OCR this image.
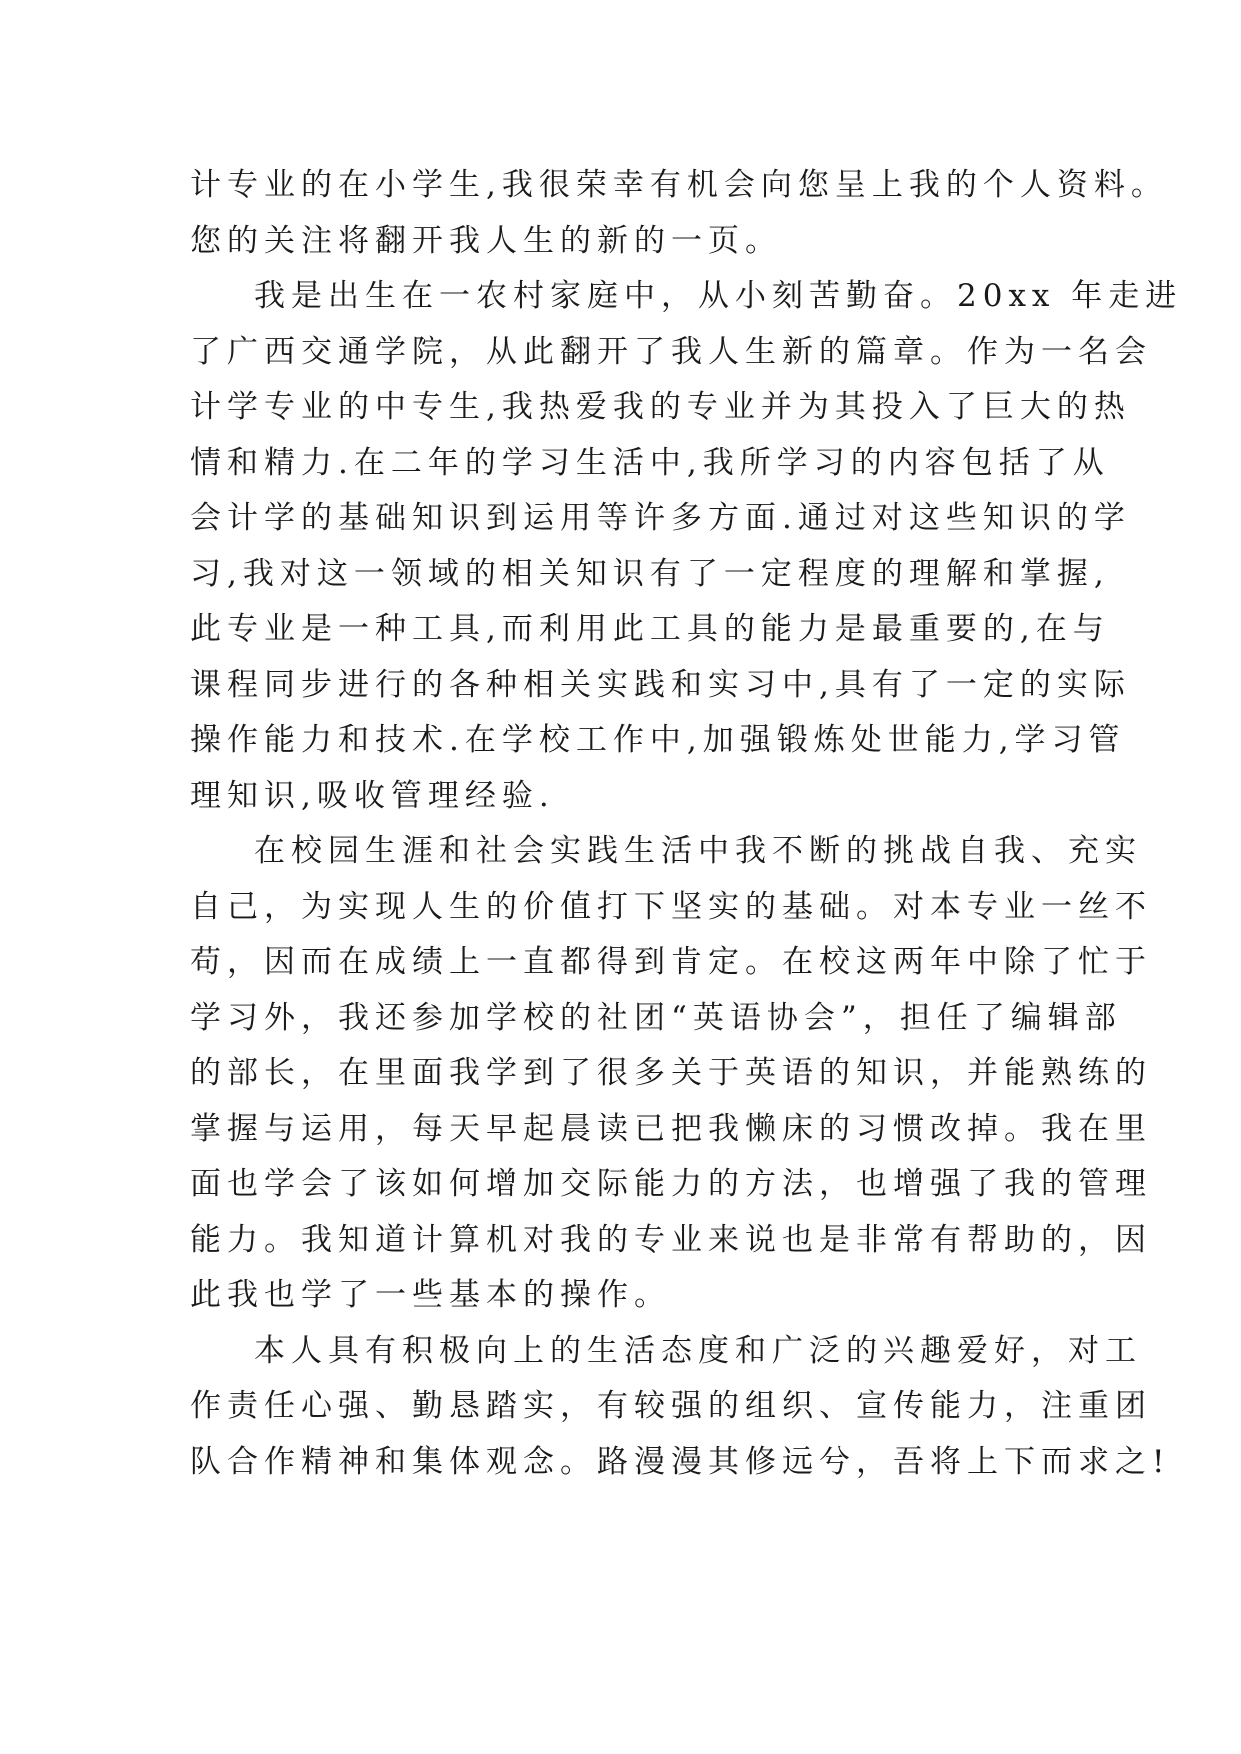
计专业的在小学生,我很荣幸有机会向您呈上我的个人资料。
您的关注将翻开我人生的新的一页。
我是出生在一农村家庭中，从小刻苦勤奋。20xx 年走进
了广西交通学院，从此翻开了我人生新的篇章。作为一名会
计学专业的中专生,我热爱我的专业并为其投入了巨大的热
情和精力.在二年的学习生活中,我所学习的内容包括了从
会计学的基础知识到运用等许多方面.通过对这些知识的学
习,我对这一领域的相关知识有了一定程度的理解和掌握,
此专业是一种工具,而利用此工具的能力是最重要的,在与
课程同步进行的各种相关实践和实习中,具有了一定的实际
操作能力和技术.在学校工作中,加强锻炼处世能力,学习管
理知识,吸收管理经验.
在校园生涯和社会实践生活中我不断的挑战自我、充实
自己，为实现人生的价值打下坚实的基础。对本专业一丝不
苟，因而在成绩上一直都得到肯定。在校这两年中除了忙于
学习外，我还参加学校的社团“英语协会”，担任了编辑部
的部长，在里面我学到了很多关于英语的知识，并能熟练的
掌握与运用，每天早起晨读已把我懒床的习惯改掉。我在里
面也学会了该如何增加交际能力的方法，也增强了我的管理
能力。我知道计算机对我的专业来说也是非常有帮助的，因
此我也学了一些基本的操作。
本人具有积极向上的生活态度和广泛的兴趣爱好，对工
作责任心强、勤恳踏实，有较强的组织、宣传能力，注重团
队合作精神和集体观念。路漫漫其修远兮，吾将上下而求之!
